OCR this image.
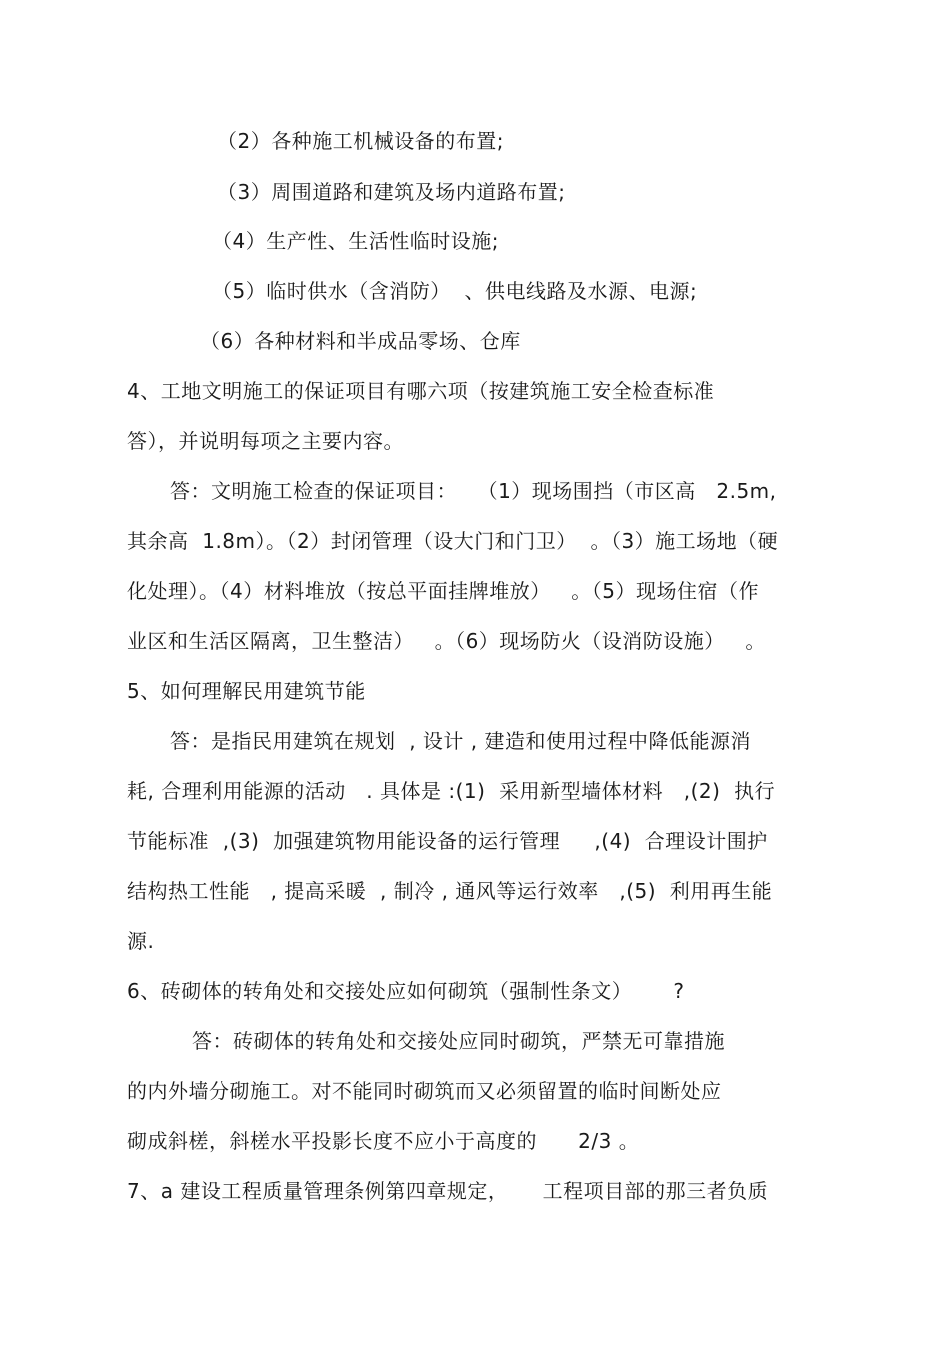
（2）各种施工机械设备的布置;
（3）周围道路和建筑及场内道路布置;
（4）生产性、生活性临时设施;
（5）临时供水（含消防）  、供电线路及水源、电源;
（6）各种材料和半成品零场、仓库
4、工地文明施工的保证项目有哪六项（按建筑施工安全检查标准
答），并说明每项之主要内容。
答：文明施工检查的保证项目：   （1）现场围挡（市区高   2.5m,
其余高  1.8m）。（2）封闭管理（设大门和门卫）  。（3）施工场地（硬
化处理）。（4）材料堆放（按总平面挂牌堆放）   。（5）现场住宿（作
业区和生活区隔离，卫生整洁）   。（6）现场防火（设消防设施）   。
5、如何理解民用建筑节能
答：是指民用建筑在规划  , 设计 , 建造和使用过程中降低能源消
耗, 合理利用能源的活动   . 具体是 :(1)  采用新型墙体材料   ,(2)  执行
节能标准  ,(3)  加强建筑物用能设备的运行管理     ,(4)  合理设计围护
结构热工性能   , 提高采暖  , 制冷 , 通风等运行效率   ,(5)  利用再生能
源.
6、砖砌体的转角处和交接处应如何砌筑（强制性条文）      ?
答：砖砌体的转角处和交接处应同时砌筑，严禁无可靠措施
的内外墙分砌施工。对不能同时砌筑而又必须留置的临时间断处应
砌成斜槎，斜槎水平投影长度不应小于高度的      2/3 。
7、a 建设工程质量管理条例第四章规定，     工程项目部的那三者负质
